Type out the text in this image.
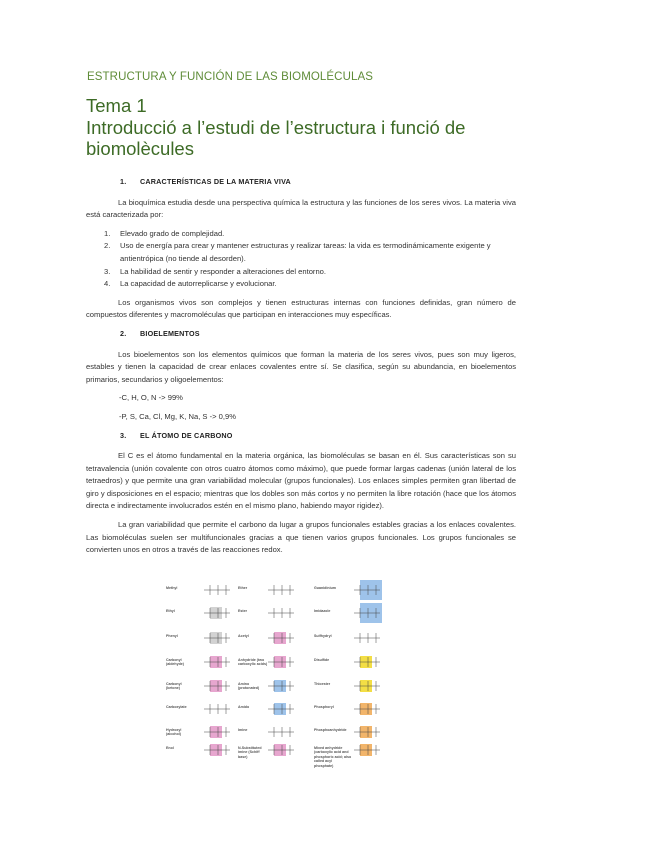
ESTRUCTURA Y FUNCIÓN DE LAS BIOMOLÉCULAS
Tema 1
Introducció a l’estudi de l’estructura i funció de biomolècules

1. CARACTERÍSTICAS DE LA MATERIA VIVA

La bioquímica estudia desde una perspectiva química la estructura y las funciones de los seres vivos. La materia viva está caracterizada por:

1. Elevado grado de complejidad.
2. Uso de energía para crear y mantener estructuras y realizar tareas: la vida es termodinámicamente exigente y antientrópica (no tiende al desorden).
3. La habilidad de sentir y responder a alteraciones del entorno.
4. La capacidad de autorreplicarse y evolucionar.

Los organismos vivos son complejos y tienen estructuras internas con funciones definidas, gran número de compuestos diferentes y macromoléculas que participan en interacciones muy específicas.

2. BIOELEMENTOS

Los bioelementos son los elementos químicos que forman la materia de los seres vivos, pues son muy ligeros, estables y tienen la capacidad de crear enlaces covalentes entre sí. Se clasifica, según su abundancia, en bioelementos primarios, secundarios y oligoelementos:

-C, H, O, N -> 99%

-P, S, Ca, Cl, Mg, K, Na, S -> 0,9%

3. EL ÁTOMO DE CARBONO

El C es el átomo fundamental en la materia orgánica, las biomoléculas se basan en él. Sus características son su tetravalencia (unión covalente con otros cuatro átomos como máximo), que puede formar largas cadenas (unión lateral de los tetraedros) y que permite una gran variabilidad molecular (grupos funcionales). Los enlaces simples permiten gran libertad de giro y disposiciones en el espacio; mientras que los dobles son más cortos y no permiten la libre rotación (hace que los átomos directa e indirectamente involucrados estén en el mismo plano, habiendo mayor rigidez).

La gran variabilidad que permite el carbono da lugar a grupos funcionales estables gracias a los enlaces covalentes. Las biomoléculas suelen ser multifuncionales gracias a que tienen varios grupos funcionales. Los grupos funcionales se convierten unos en otros a través de las reacciones redox.

Methyl
Ethyl
Phenyl
Carbonyl (aldehyde)
Carbonyl (ketone)
Carboxylate
Hydroxyl (alcohol)
Enol
Ether
Ester
Acetyl
Anhydride (two carboxylic acids)
Amino (protonated)
Amido
Imine
N-Substituted imine (Schiff base)
Guanidinium
Imidazole
Sulfhydryl
Disulfide
Thioester
Phosphoryl
Phosphoanhydride
Mixed anhydride (carboxylic acid and phosphoric acid; also called acyl phosphate)
